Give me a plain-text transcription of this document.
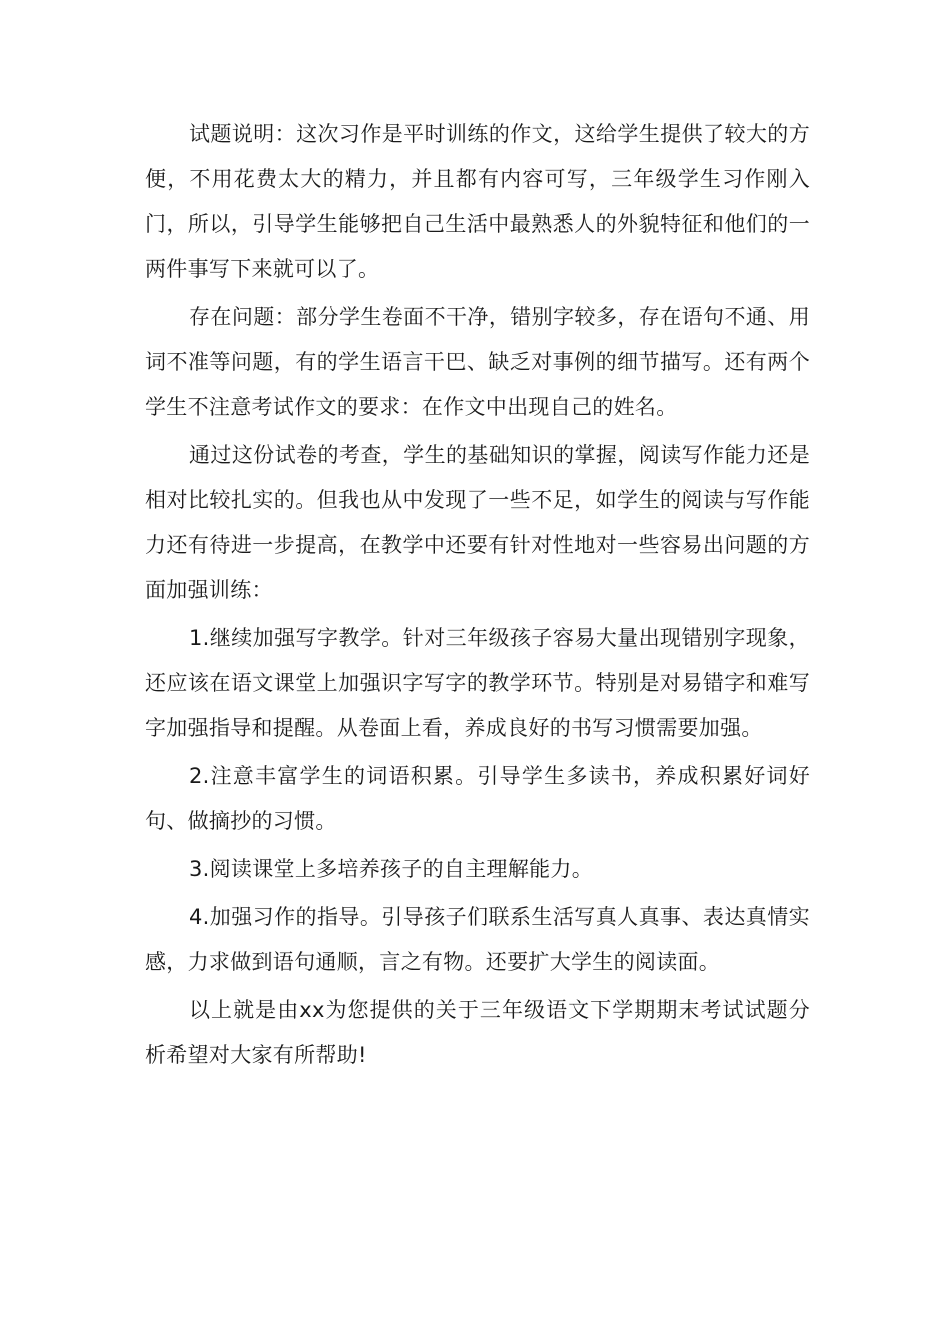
试题说明：这次习作是平时训练的作文，这给学生提供了较大的方便，不用花费太大的精力，并且都有内容可写，三年级学生习作刚入门，所以，引导学生能够把自己生活中最熟悉人的外貌特征和他们的一两件事写下来就可以了。

存在问题：部分学生卷面不干净，错别字较多，存在语句不通、用词不准等问题，有的学生语言干巴、缺乏对事例的细节描写。还有两个学生不注意考试作文的要求：在作文中出现自己的姓名。

通过这份试卷的考查，学生的基础知识的掌握，阅读写作能力还是相对比较扎实的。但我也从中发现了一些不足，如学生的阅读与写作能力还有待进一步提高，在教学中还要有针对性地对一些容易出问题的方面加强训练：

1.继续加强写字教学。针对三年级孩子容易大量出现错别字现象，还应该在语文课堂上加强识字写字的教学环节。特别是对易错字和难写字加强指导和提醒。从卷面上看，养成良好的书写习惯需要加强。

2.注意丰富学生的词语积累。引导学生多读书，养成积累好词好句、做摘抄的习惯。

3.阅读课堂上多培养孩子的自主理解能力。

4.加强习作的指导。引导孩子们联系生活写真人真事、表达真情实感，力求做到语句通顺，言之有物。还要扩大学生的阅读面。

以上就是由xx为您提供的关于三年级语文下学期期末考试试题分析希望对大家有所帮助!
